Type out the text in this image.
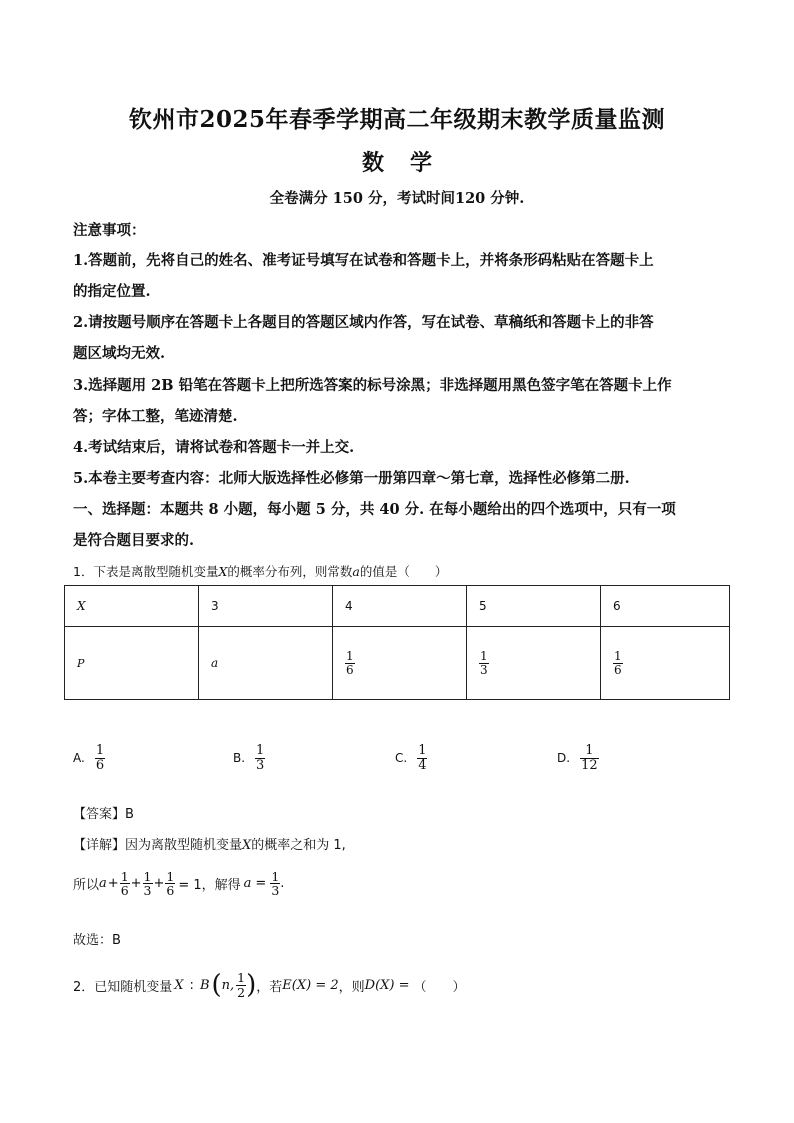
钦州市2025年春季学期高二年级期末教学质量监测
数学
全卷满分 150 分，考试时间120 分钟.
注意事项：
1.答题前，先将自己的姓名、准考证号填写在试卷和答题卡上，并将条形码粘贴在答题卡上
的指定位置.
2.请按题号顺序在答题卡上各题目的答题区域内作答，写在试卷、草稿纸和答题卡上的非答
题区域均无效.
3.选择题用 2B 铅笔在答题卡上把所选答案的标号涂黑；非选择题用黑色签字笔在答题卡上作
答；字体工整，笔迹清楚.
4.考试结束后，请将试卷和答题卡一并上交.
5.本卷主要考查内容：北师大版选择性必修第一册第四章～第七章，选择性必修第二册.
一、选择题：本题共 8 小题，每小题 5 分，共 40 分. 在每小题给出的四个选项中，只有一项
是符合题目要求的.
1．下表是离散型随机变量X的概率分布列，则常数a的值是（　　）
X	3	4	5	6
P	a	$\frac{1}{6}$	$\frac{1}{3}$	$\frac{1}{6}$
A. $\frac{1}{6}$	B. $\frac{1}{3}$	C. $\frac{1}{4}$	D. $\frac{1}{12}$
【答案】B
【详解】因为离散型随机变量X的概率之和为 1,
所以 $a + \frac{1}{6} + \frac{1}{3} + \frac{1}{6} = 1$，解得 $a = \frac{1}{3}$ .
故选：B
2．已知随机变量 X : B ( n, $\frac{1}{2}$ ) ，若 E(X) = 2 ，则 D(X) = （　　）
